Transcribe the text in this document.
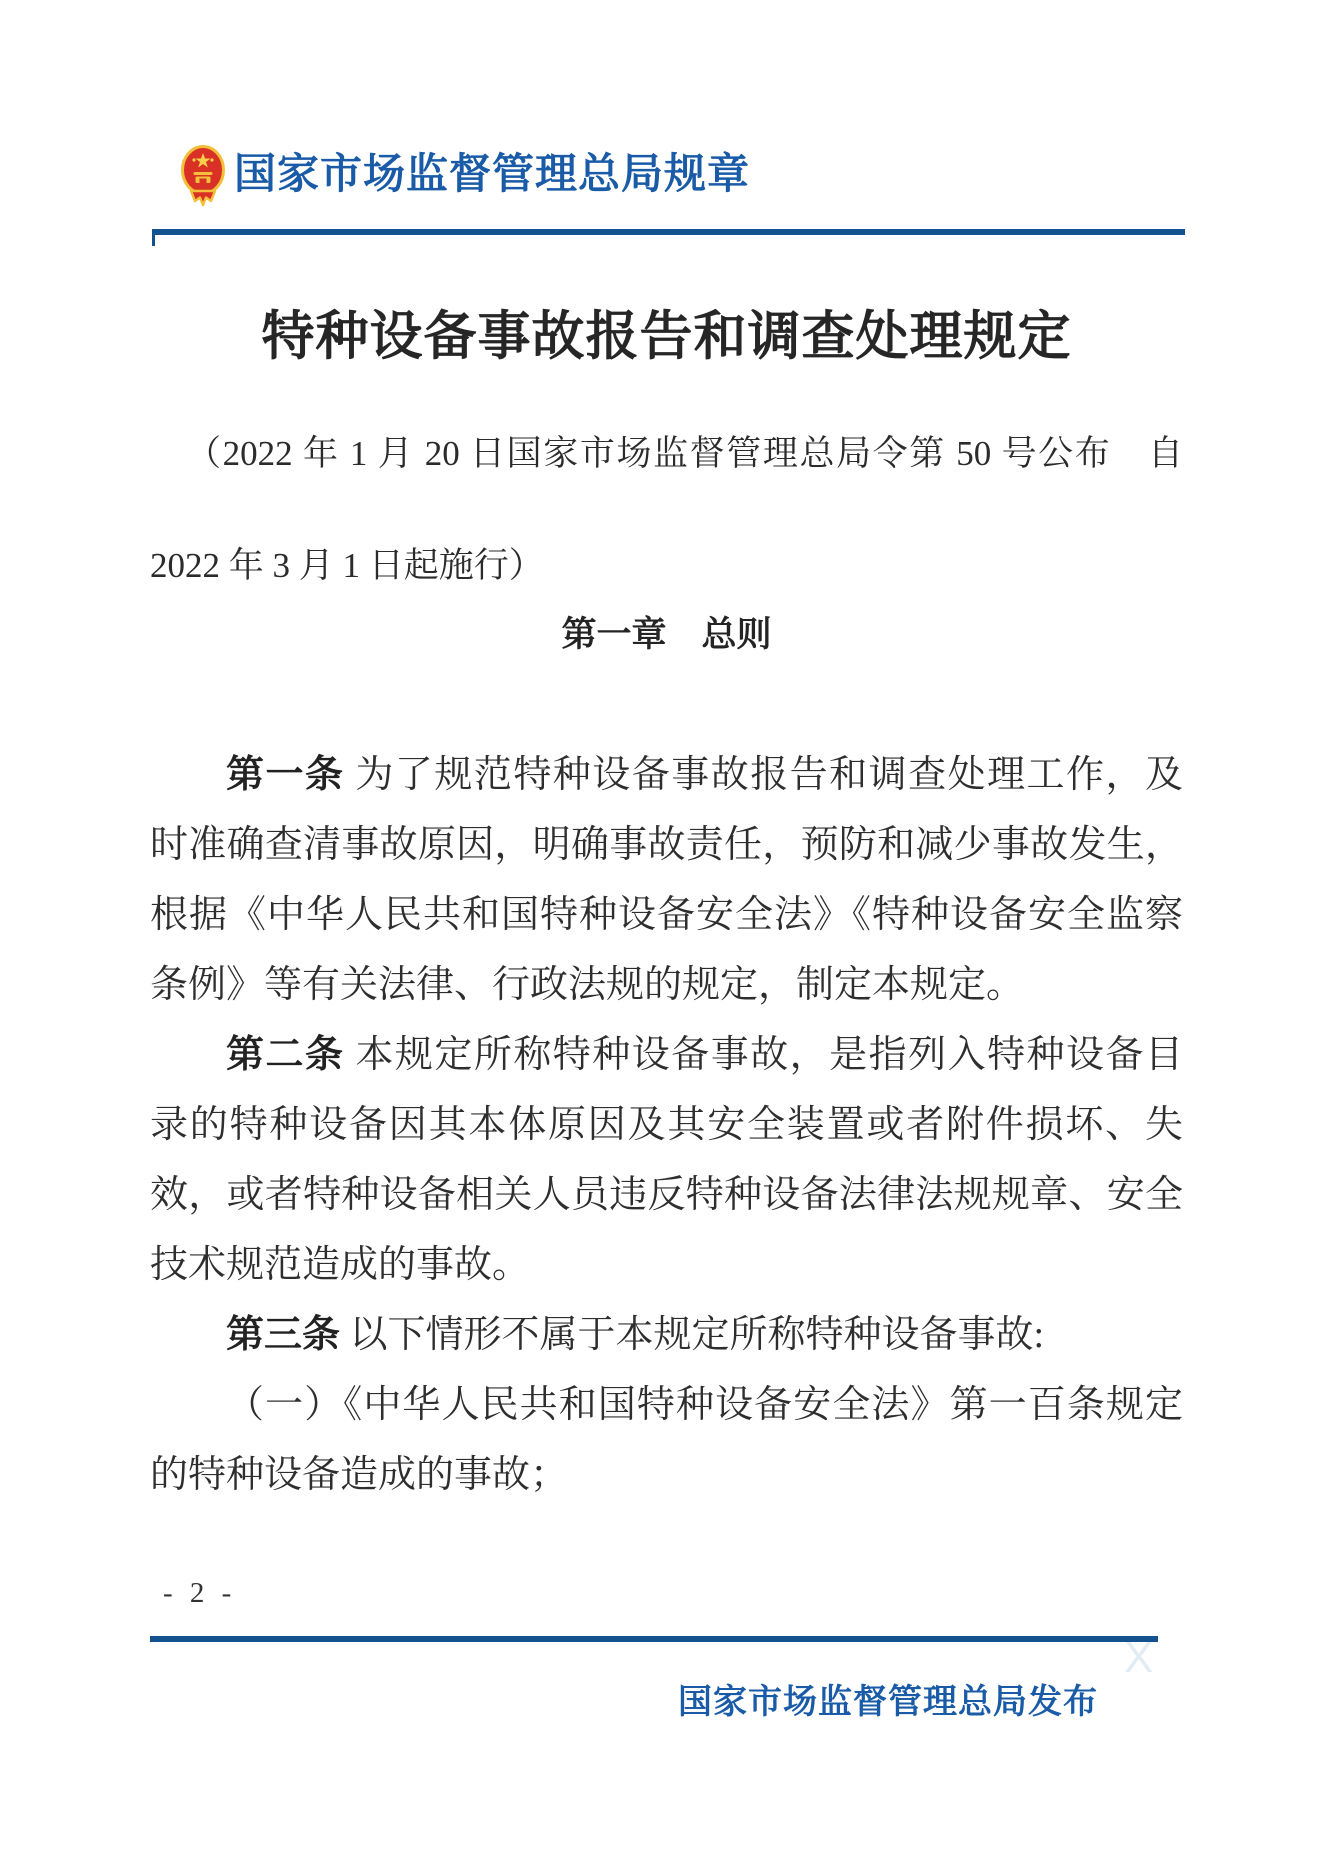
国家市场监督管理总局规章
特种设备事故报告和调查处理规定

（2022 年 1 月 20 日国家市场监督管理总局令第 50 号公布　自 2022 年 3 月 1 日起施行）

第一章　总则

第一条 为了规范特种设备事故报告和调查处理工作，及时准确查清事故原因，明确事故责任，预防和减少事故发生，根据《中华人民共和国特种设备安全法》《特种设备安全监察条例》等有关法律、行政法规的规定，制定本规定。

第二条 本规定所称特种设备事故，是指列入特种设备目录的特种设备因其本体原因及其安全装置或者附件损坏、失效，或者特种设备相关人员违反特种设备法律法规规章、安全技术规范造成的事故。

第三条 以下情形不属于本规定所称特种设备事故:

（一）《中华人民共和国特种设备安全法》第一百条规定的特种设备造成的事故；

- 2 -
X
国家市场监督管理总局发布
